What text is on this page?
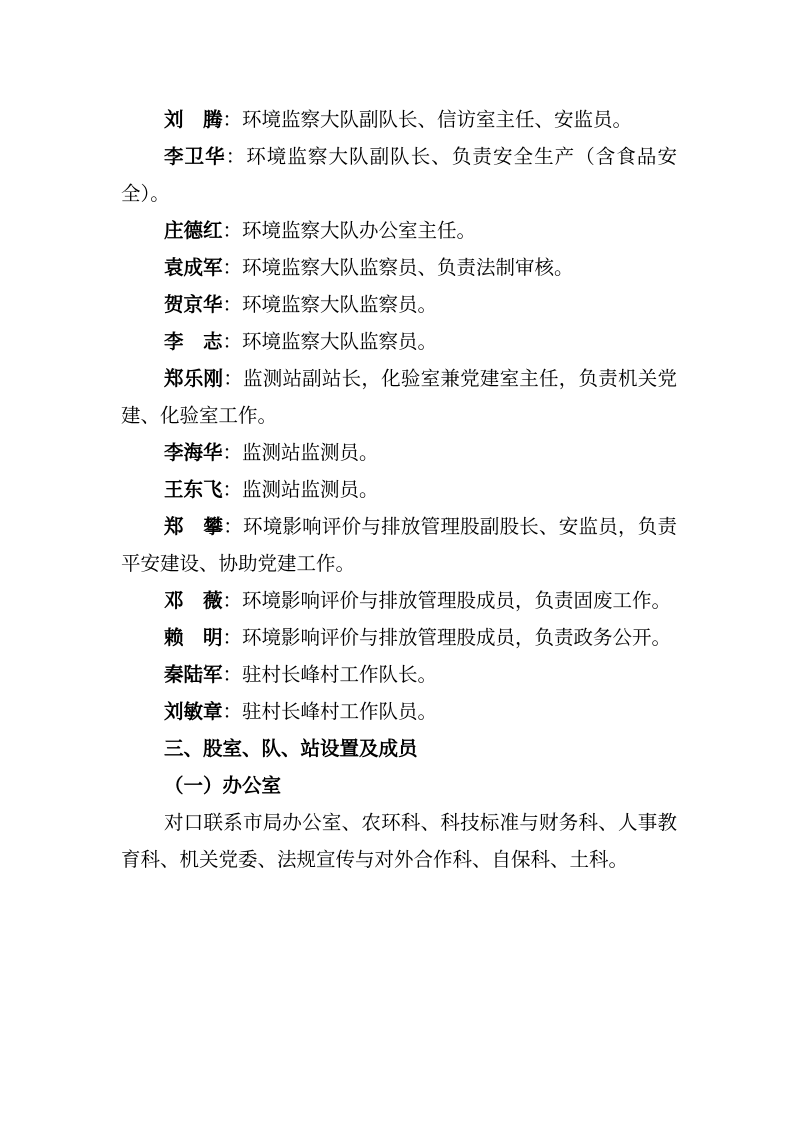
刘　腾：环境监察大队副队长、信访室主任、安监员。

李卫华：环境监察大队副队长、负责安全生产（含食品安全）。

庄德红：环境监察大队办公室主任。

袁成军：环境监察大队监察员、负责法制审核。

贺京华：环境监察大队监察员。

李　志：环境监察大队监察员。

郑乐刚：监测站副站长，化验室兼党建室主任，负责机关党建、化验室工作。

李海华：监测站监测员。

王东飞：监测站监测员。

郑　攀：环境影响评价与排放管理股副股长、安监员，负责平安建设、协助党建工作。

邓　薇：环境影响评价与排放管理股成员，负责固废工作。

赖　明：环境影响评价与排放管理股成员，负责政务公开。

秦陆军：驻村长峰村工作队长。

刘敏章：驻村长峰村工作队员。

三、股室、队、站设置及成员

（一）办公室

对口联系市局办公室、农环科、科技标准与财务科、人事教育科、机关党委、法规宣传与对外合作科、自保科、土科。
